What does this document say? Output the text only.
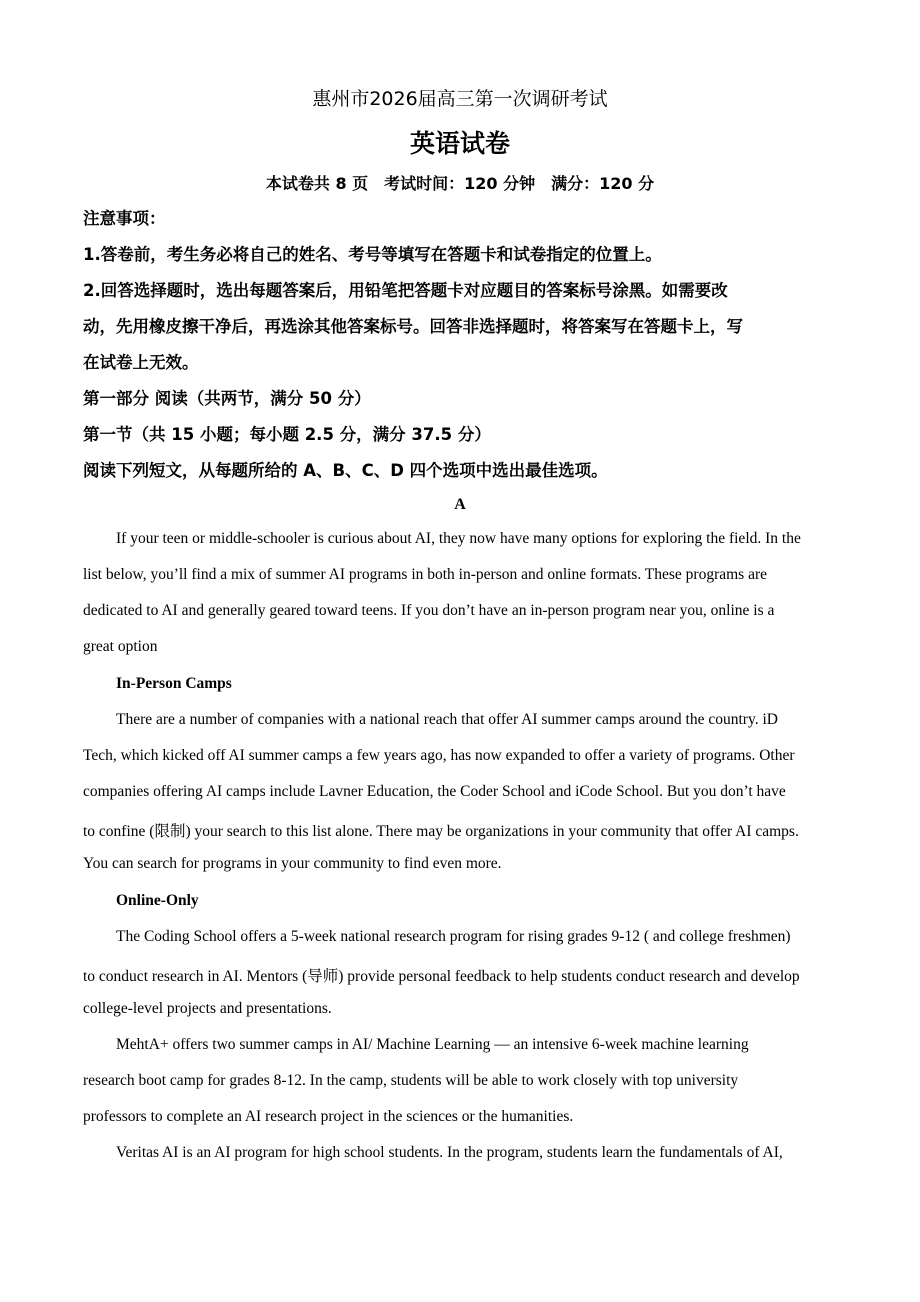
惠州市2026届高三第一次调研考试
英语试卷
本试卷共 8 页　考试时间：120 分钟　满分：120 分
注意事项：
1.答卷前，考生务必将自己的姓名、考号等填写在答题卡和试卷指定的位置上。
2.回答选择题时，选出每题答案后，用铅笔把答题卡对应题目的答案标号涂黑。如需要改
动，先用橡皮擦干净后，再选涂其他答案标号。回答非选择题时，将答案写在答题卡上，写
在试卷上无效。
第一部分 阅读（共两节，满分 50 分）
第一节（共 15 小题；每小题 2.5 分，满分 37.5 分）
阅读下列短文，从每题所给的 A、B、C、D 四个选项中选出最佳选项。
A
If your teen or middle-schooler is curious about AI, they now have many options for exploring the field. In the
list below, you’ll find a mix of summer AI programs in both in-person and online formats. These programs are
dedicated to AI and generally geared toward teens. If you don’t have an in-person program near you, online is a
great option
In-Person Camps
There are a number of companies with a national reach that offer AI summer camps around the country. iD
Tech, which kicked off AI summer camps a few years ago, has now expanded to offer a variety of programs. Other
companies offering AI camps include Lavner Education, the Coder School and iCode School. But you don’t have
to confine (限制) your search to this list alone. There may be organizations in your community that offer AI camps.
You can search for programs in your community to find even more.
Online-Only
The Coding School offers a 5-week national research program for rising grades 9-12 ( and college freshmen)
to conduct research in AI. Mentors (导师) provide personal feedback to help students conduct research and develop
college-level projects and presentations.
MehtA+ offers two summer camps in AI/ Machine Learning — an intensive 6-week machine learning
research boot camp for grades 8-12. In the camp, students will be able to work closely with top university
professors to complete an AI research project in the sciences or the humanities.
Veritas AI is an AI program for high school students. In the program, students learn the fundamentals of AI,
